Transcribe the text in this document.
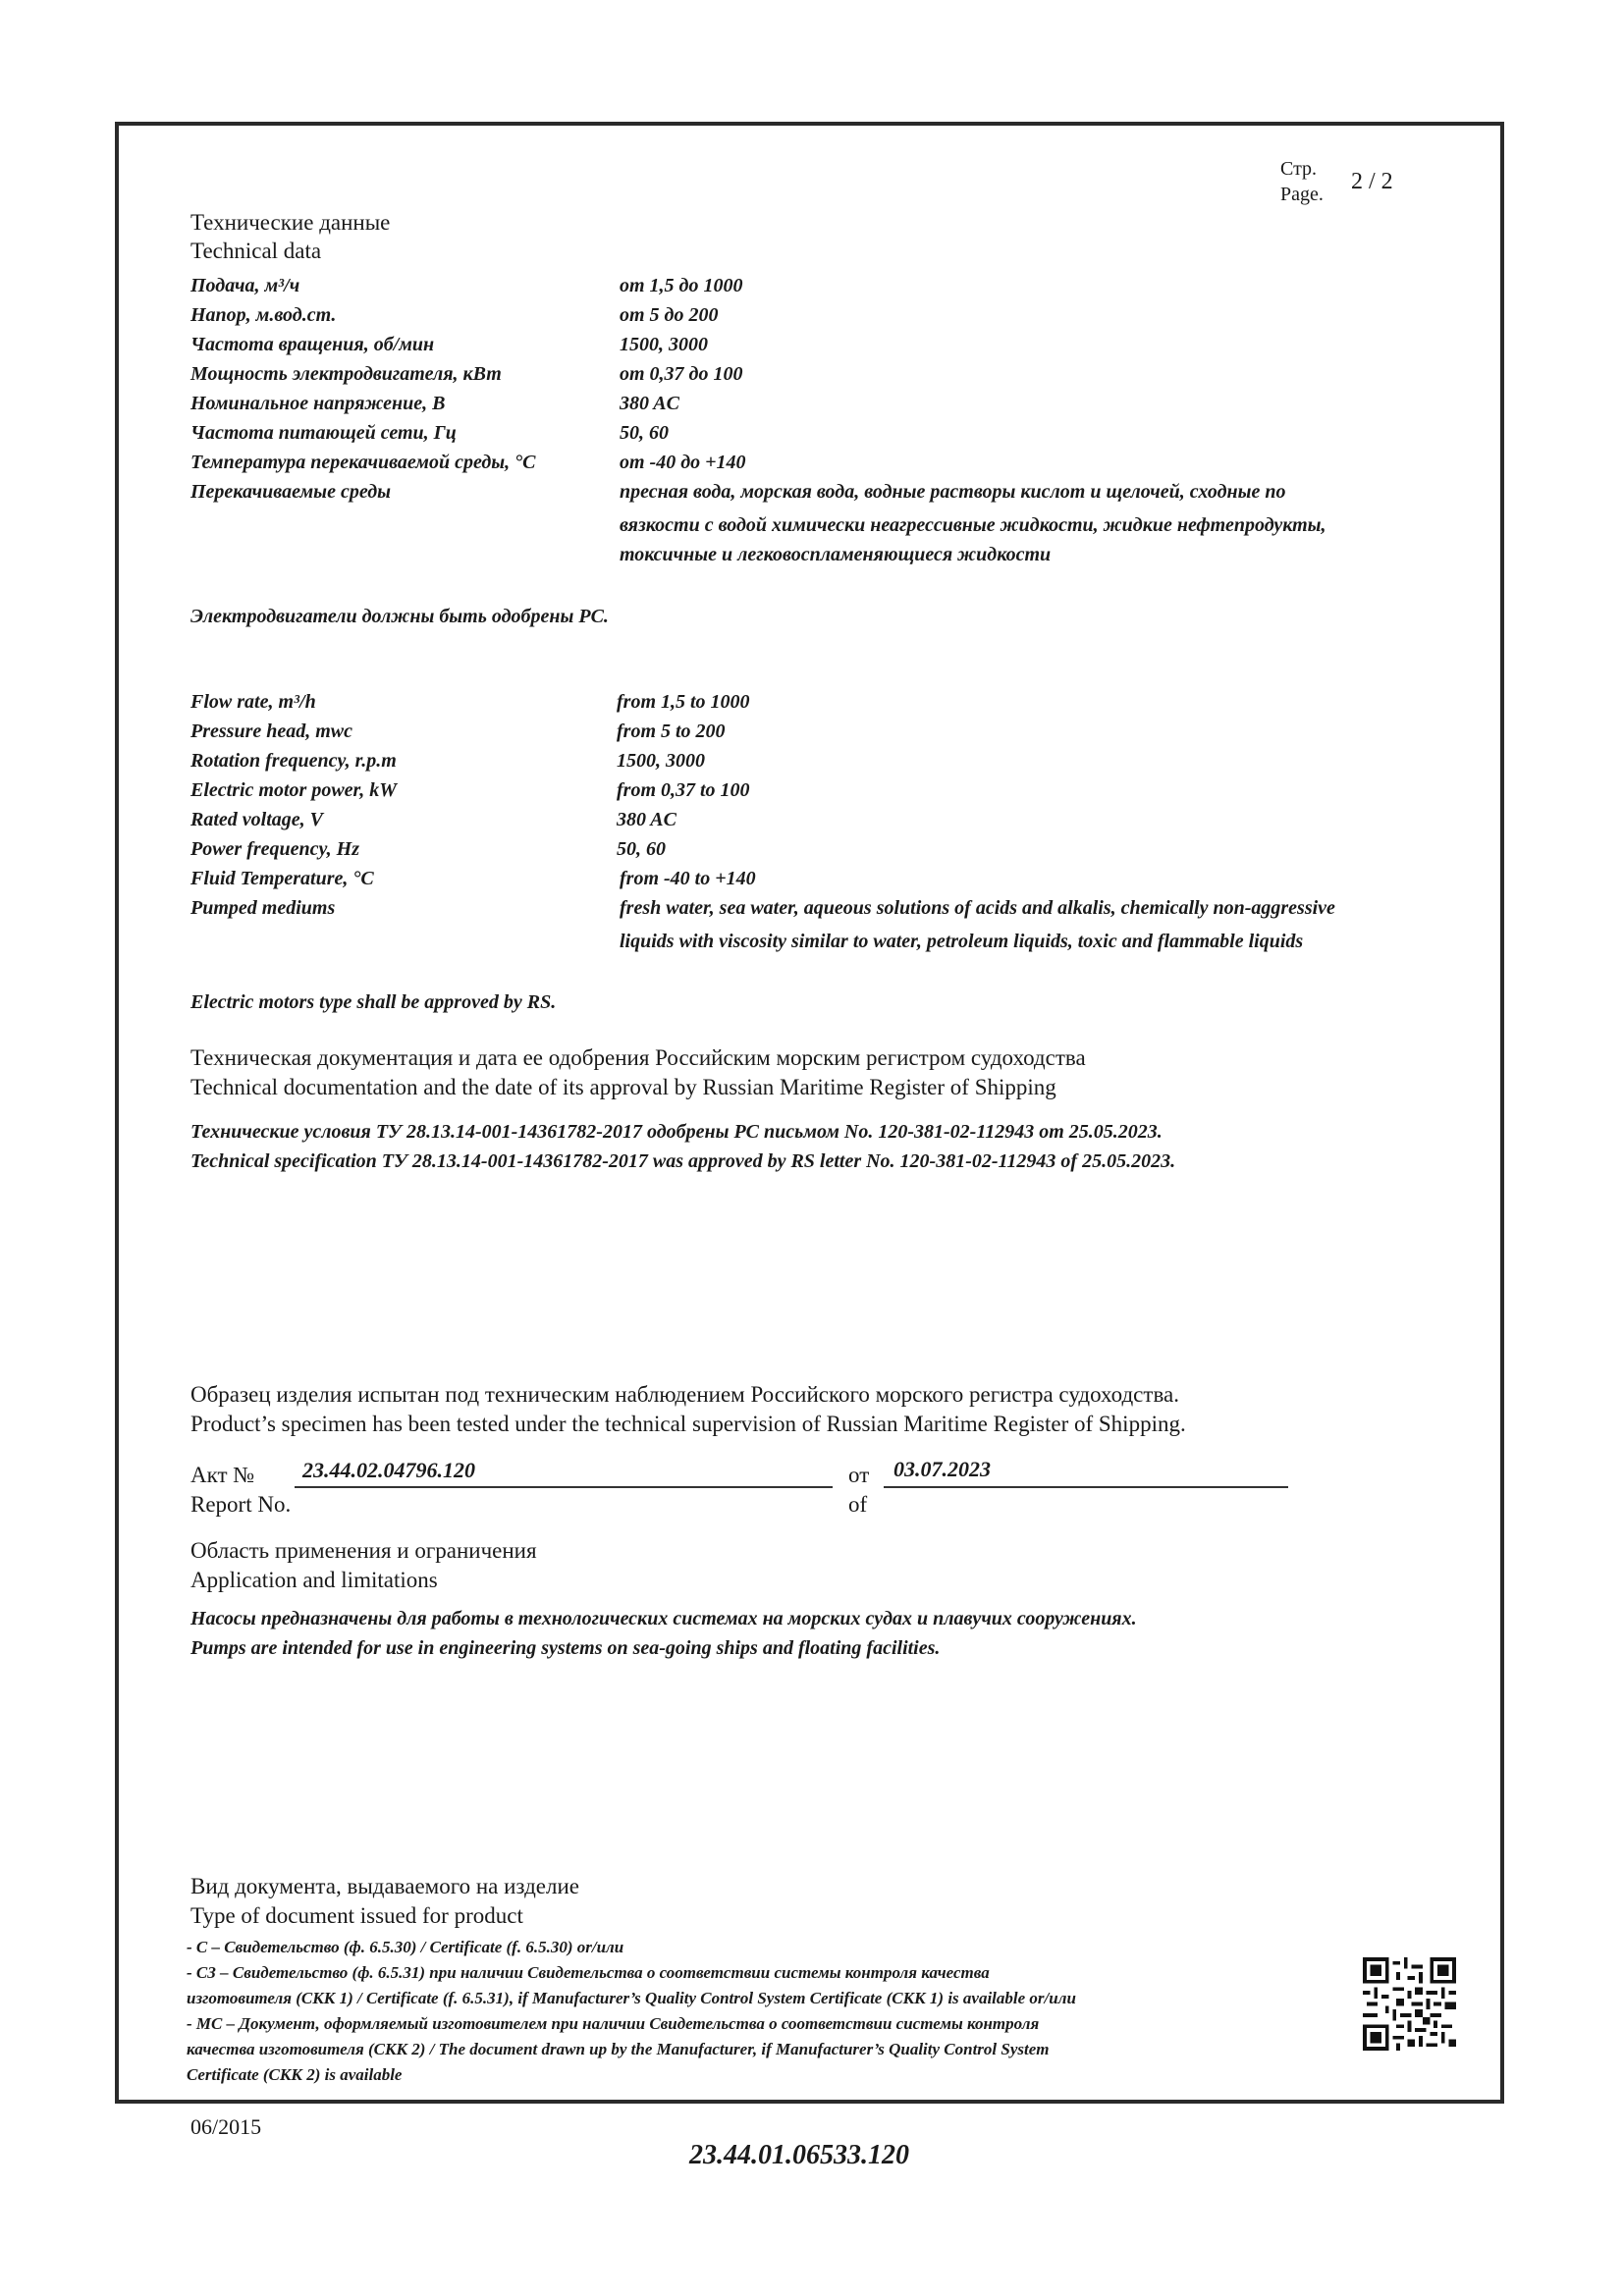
Стр.
Page. 2 / 2
Технические данные
Technical data
Подача, м³/ч	от 1,5 до 1000
Напор, м.вод.ст.	от 5 до 200
Частота вращения, об/мин	1500, 3000
Мощность электродвигателя, кВт	от 0,37 до 100
Номинальное напряжение, В	380 AC
Частота питающей сети, Гц	50, 60
Температура перекачиваемой среды, °С	от -40 до +140
Перекачиваемые среды	пресная вода, морская вода, водные растворы кислот и щелочей, сходные по
вязкости с водой химически неагрессивные жидкости, жидкие нефтепродукты,
токсичные и легковоспламеняющиеся жидкости
Электродвигатели должны быть одобрены РС.
Flow rate, m³/h	from 1,5 to 1000
Pressure head, mwc	from 5 to 200
Rotation frequency, r.p.m	1500, 3000
Electric motor power, kW	from 0,37 to 100
Rated voltage, V	380 AC
Power frequency, Hz	50, 60
Fluid Temperature, °C	from -40 to +140
Pumped mediums	fresh water, sea water, aqueous solutions of acids and alkalis, chemically non-aggressive
liquids with viscosity similar to water, petroleum liquids, toxic and flammable liquids
Electric motors type shall be approved by RS.
Техническая документация и дата ее одобрения Российским морским регистром судоходства
Technical documentation and the date of its approval by Russian Maritime Register of Shipping
Технические условия ТУ 28.13.14-001-14361782-2017 одобрены РС письмом No. 120-381-02-112943 от 25.05.2023.
Technical specification ТУ 28.13.14-001-14361782-2017 was approved by RS letter No. 120-381-02-112943 of 25.05.2023.
Образец изделия испытан под техническим наблюдением Российского морского регистра судоходства.
Product’s specimen has been tested under the technical supervision of Russian Maritime Register of Shipping.
Акт №
Report No.
23.44.02.04796.120	от
of
03.07.2023
Область применения и ограничения
Application and limitations
Насосы предназначены для работы в технологических системах на морских судах и плавучих сооружениях.
Pumps are intended for use in engineering systems on sea-going ships and floating facilities.
Вид документа, выдаваемого на изделие
Type of document issued for product
- С – Свидетельство (ф. 6.5.30) / Certificate (f. 6.5.30) or/или
- СЗ – Свидетельство (ф. 6.5.31) при наличии Свидетельства о соответствии системы контроля качества
изготовителя (СКК 1) / Certificate (f. 6.5.31), if Manufacturer’s Quality Control System Certificate (СКК 1) is available or/или
- МС – Документ, оформляемый изготовителем при наличии Свидетельства о соответствии системы контроля
качества изготовителя (СКК 2) / The document drawn up by the Manufacturer, if Manufacturer’s Quality Control System
Certificate (СКК 2) is available
06/2015
23.44.01.06533.120
